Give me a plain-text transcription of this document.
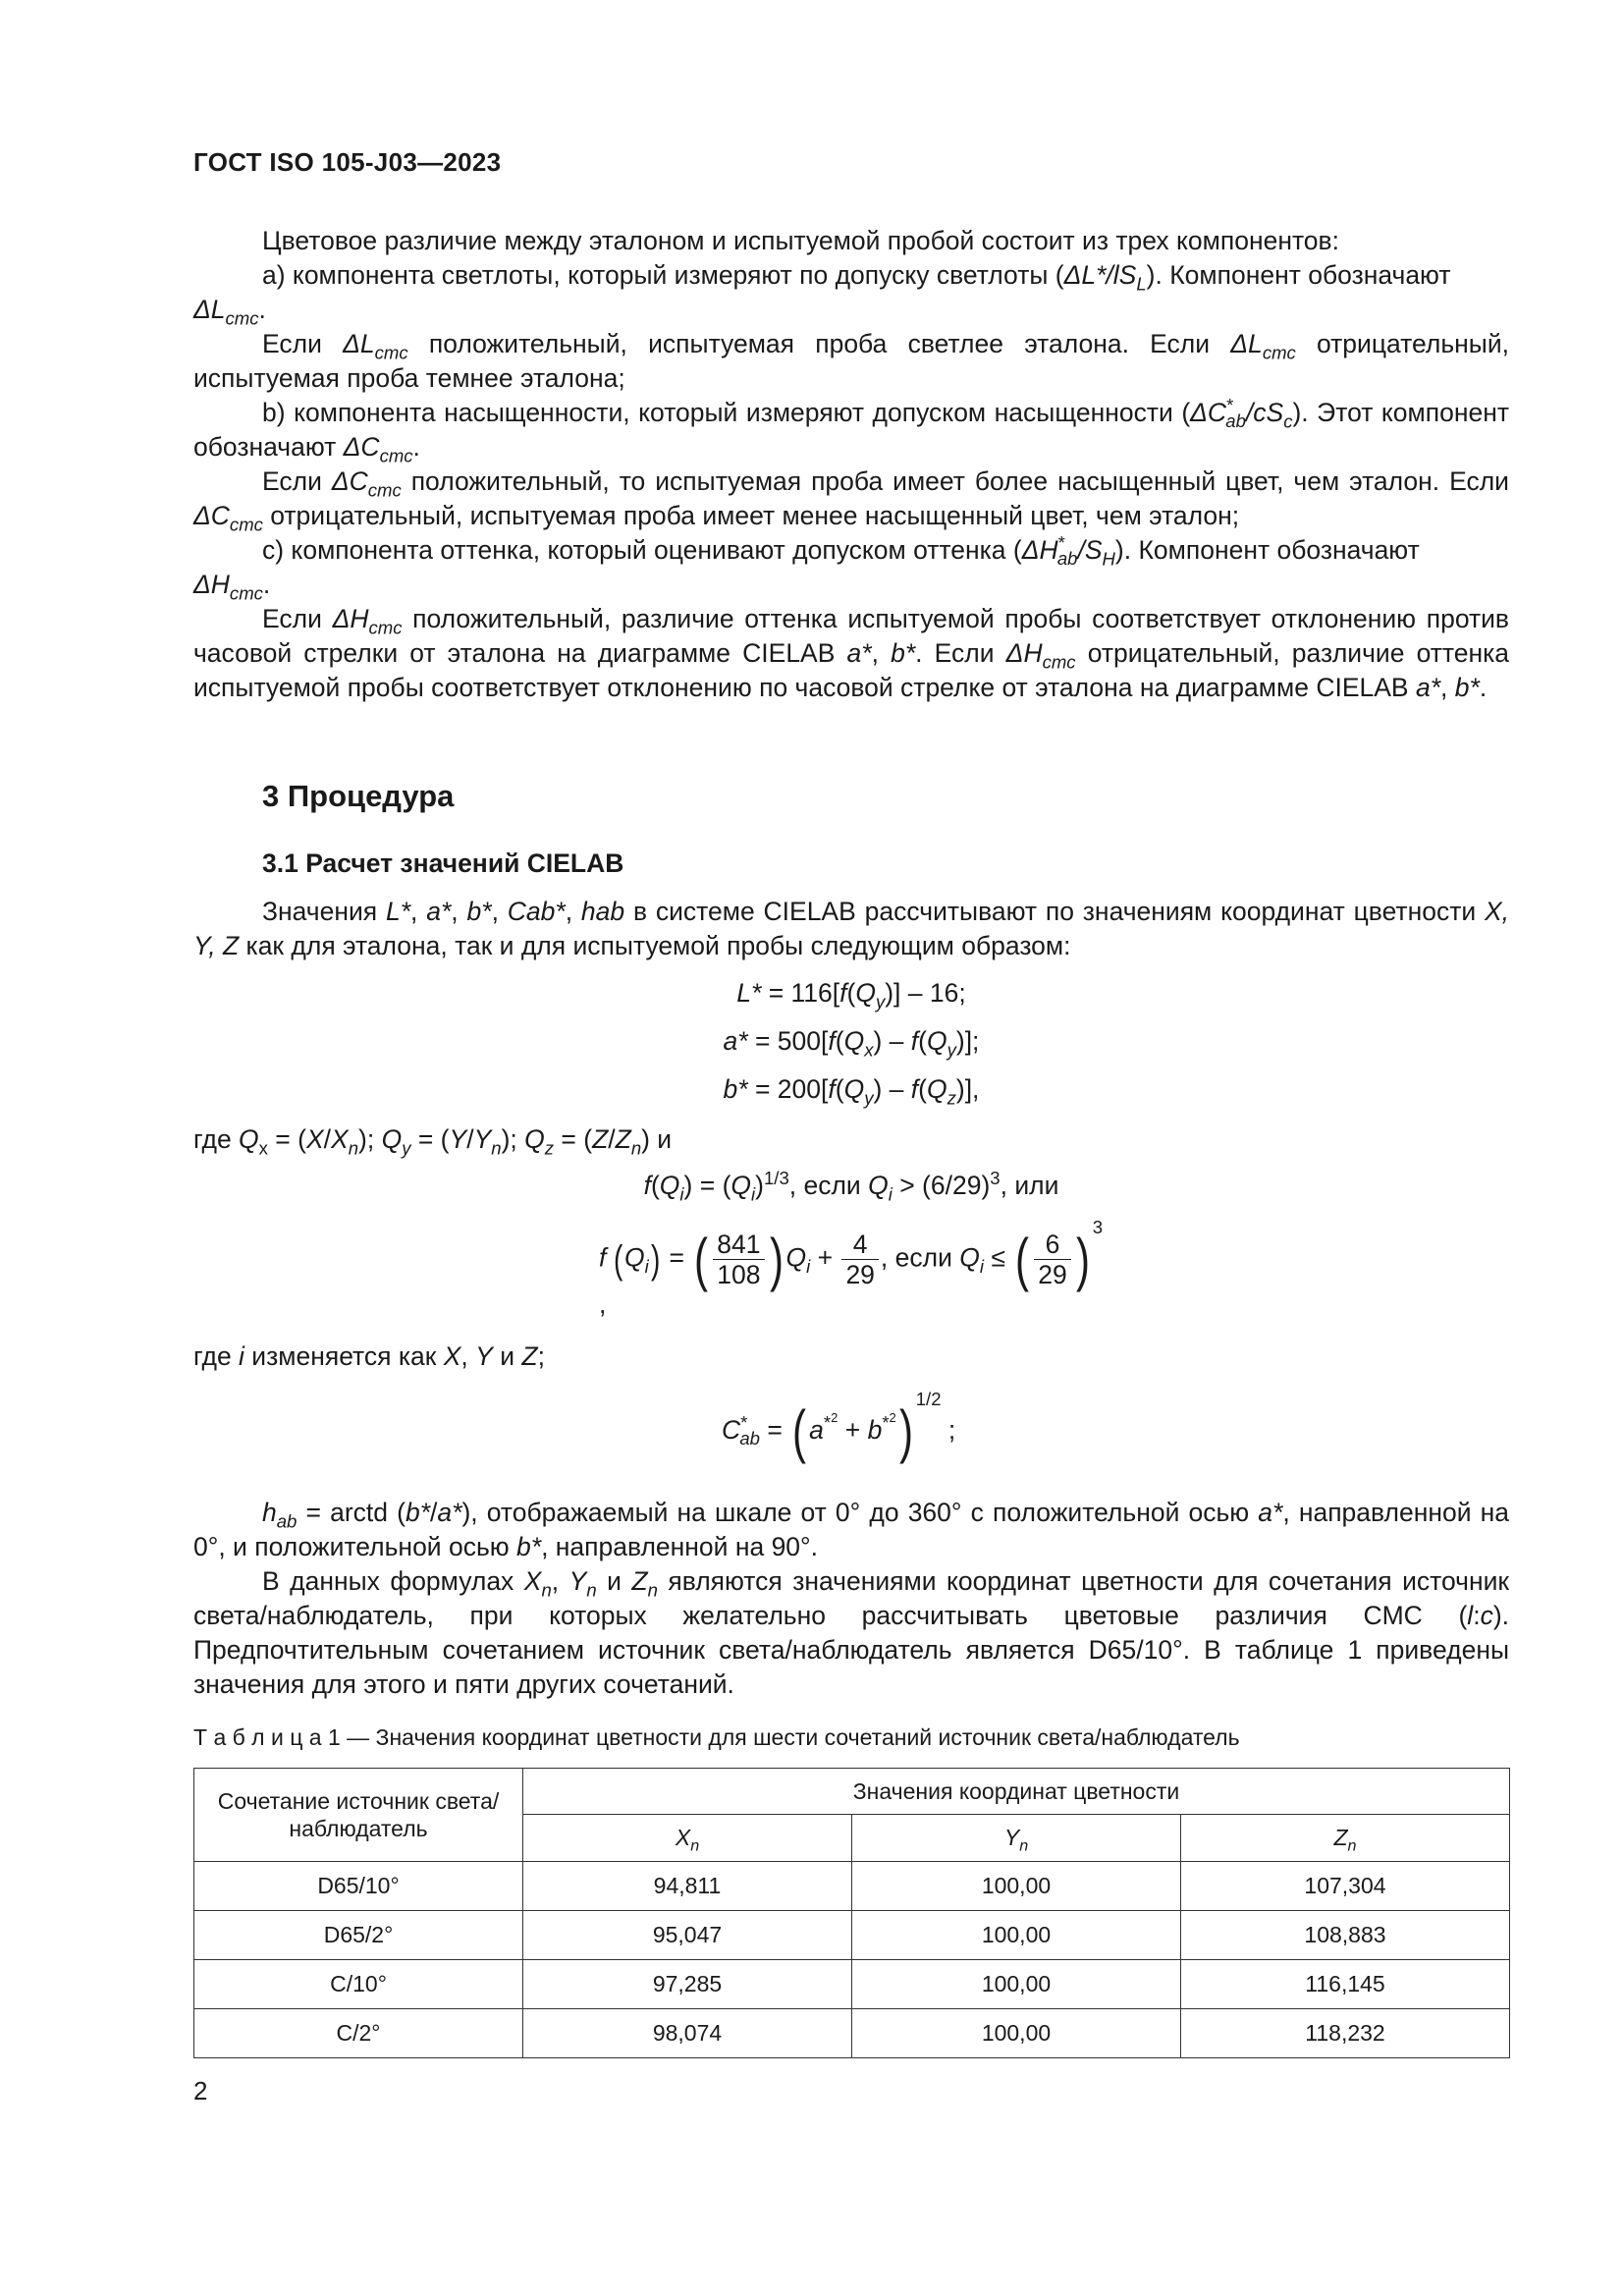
ГОСТ ISO 105-J03—2023

Цветовое различие между эталоном и испытуемой пробой состоит из трех компонентов:

а) компонента светлоты, который измеряют по допуску светлоты $(\Delta L*/lS_L)$. Компонент обозначают
$\Delta L_{cmc}$.

Если $\Delta L_{cmc}$ положительный, испытуемая проба светлее эталона. Если $\Delta L_{cmc}$ отрицательный, испытуемая проба темнее эталона;

b) компонента насыщенности, который измеряют допуском насыщенности $(\Delta C^*_{ab}/cS_c)$. Этот компонент обозначают $\Delta C_{cmc}$.

Если $\Delta C_{cmc}$ положительный, то испытуемая проба имеет более насыщенный цвет, чем эталон. Если $\Delta C_{cmc}$ отрицательный, испытуемая проба имеет менее насыщенный цвет, чем эталон;

c) компонента оттенка, который оценивают допуском оттенка $(\Delta H^*_{ab}/S_H)$. Компонент обозначают
$\Delta H_{cmc}$.

Если $\Delta H_{cmc}$ положительный, различие оттенка испытуемой пробы соответствует отклонению против часовой стрелки от эталона на диаграмме CIELAB a*, b*. Если $\Delta H_{cmc}$ отрицательный, различие оттенка испытуемой пробы соответствует отклонению по часовой стрелке от эталона на диаграмме CIELAB a*, b*.

3 Процедура
3.1 Расчет значений CIELAB

Значения L*, a*, b*, Cab*, hab в системе CIELAB рассчитывают по значениям координат цветности X, Y, Z как для эталона, так и для испытуемой пробы следующим образом:

$L* = 116[f(Q_y)] - 16$;
$a* = 500[f(Q_x) - f(Q_y)]$;
$b* = 200[f(Q_y) - f(Q_z)]$,
где $Q_x = (X/X_n)$; $Q_y = (Y/Y_n)$; $Q_z = (Z/Z_n)$ и
$f(Q_i) = (Q_i)^{1/3}$, если $Q_i > (6/29)^3$, или
f  $(Q_i)$ = ( $\frac{841}{108}$ ) $Q_i + \frac{4}{29}$ , если $Q_i$ ≤ ( $\frac{6}{29}$ ) $^3$ ,
где i изменяется как X, Y и Z;
$C^*_{ab}$ = ( $a^{*^2} + b^{*^2}$) $^{1/2}$ ;

$h_{ab}$ = arctd (b*/a*), отображаемый на шкале от 0° до 360° с положительной осью a*, направленной на 0°, и положительной осью b*, направленной на 90°.

В данных формулах $X_n$, $Y_n$ и $Z_n$ являются значениями координат цветности для сочетания источник света/наблюдатель, при которых желательно рассчитывать цветовые различия CMC (l:c). Предпочтительным сочетанием источник света/наблюдатель является D65/10°. В таблице 1 приведены значения для этого и пяти других сочетаний.

Т а б л и ц а 1 — Значения координат цветности для шести сочетаний источник света/наблюдатель
Сочетание источник света/наблюдатель	Значения координат цветности		
	$X_n$	$Y_n$	$Z_n$
D65/10°	94,811	100,00	107,304
D65/2°	95,047	100,00	108,883
C/10°	97,285	100,00	116,145
C/2°	98,074	100,00	118,232
2
